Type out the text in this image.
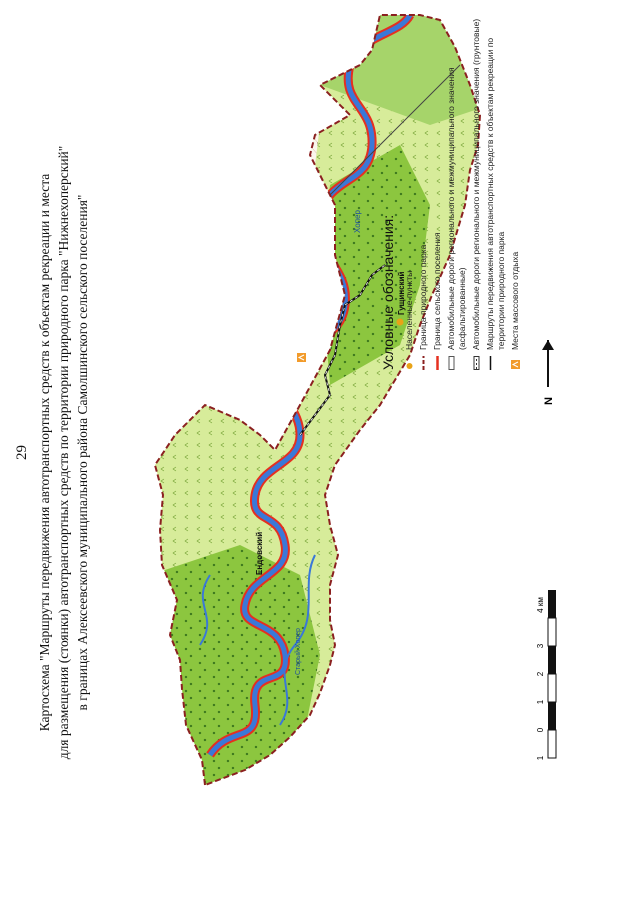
29 Картосхема "Маршруты передвижения автотранспортных средств к объектам рекреации и места для размещения (стоянки) автотранспортных средств по территории природного парка "Нижнехоперский" в границах Алексеевского муниципального района Самолшинского сельского поселения"	Гущинский
Ендовский
Хопер
Старый Хопер
1
0
1
2
3
4 км
N
Условные обозначения: Населенные пункты Граница природного парка Граница сельского поселения Автомобильные дороги регионального и межмуниципального значения (асфальтированные) Автомобильные дороги регионального и межмуниципального значения (грунтовые) Маршруты передвижения автотранспортных средств к объектам рекреации по территории природного парка Места массового отдыха
